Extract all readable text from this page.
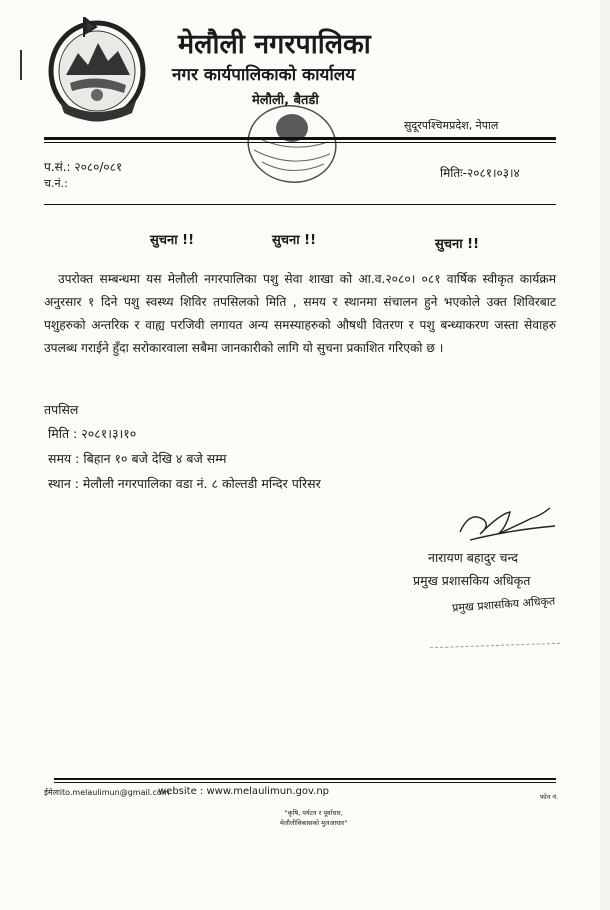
मेलौली नगरपालिका
नगर कार्यपालिकाको कार्यालय
मेलौली, बैतडी
सुदूरपश्चिमप्रदेश, नेपाल
प.सं.: २०८०/०८१
च.नं.:
मितिः-२०८१।०३।४
सुचना !!	सुचना !!	सुचना !!
उपरोक्त सम्बन्धमा यस मेलौली नगरपालिका पशु सेवा शाखा को आ.व.२०८०। ०८१ वार्षिक स्वीकृत कार्यक्रम अनुरसार १ दिने पशु स्वस्थ्य शिविर तपसिलको मिति , समय र स्थानमा संचालन हुने भएकोले उक्त शिविरबाट पशुहरुको अन्तरिक र वाह्य परजिवी लगायत अन्य समस्याहरुको औषधी वितरण र पशु बन्ध्याकरण जस्ता सेवाहरु उपलब्ध गराईने हुँदा सरोकारवाला सबैमा जानकारीको लागि यो सुचना प्रकाशित गरिएको छ ।
तपसिल
मिति : २०८१।३।१०
समय : बिहान १० बजे देखि ४ बजे सम्म
स्थान : मेलौली नगरपालिका वडा नं. ८ कोल्तडी मन्दिर परिसर
नारायण बहादुर चन्द
प्रमुख प्रशासकिय अधिकृत
प्रमुख प्रशासकिय अधिकृत
ईमेलःito.melaulimun@gmail.com
website : www.melaulimun.gov.np	फोन नं.
"कृषि, पर्यटन र पूर्वाधार,
मेलौलीविकासको मुलआधार"
